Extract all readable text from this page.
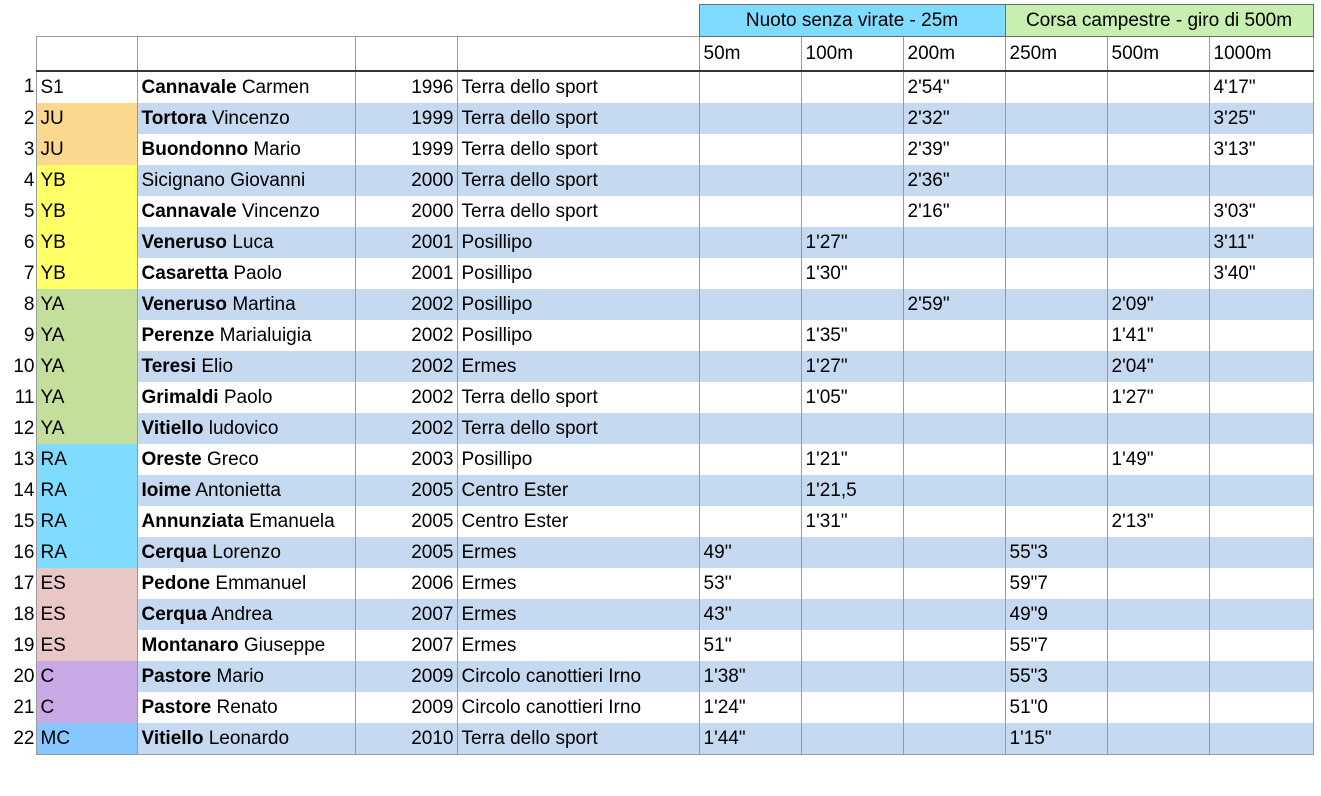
					Nuoto senza virate - 25m			Corsa campestre - giro di 500m		
					50m	100m	200m	250m	500m	1000m
1	S1	Cannavale Carmen	1996	Terra dello sport			2'54"			4'17"
2	JU	Tortora Vincenzo	1999	Terra dello sport			2'32"			3'25"
3	JU	Buondonno Mario	1999	Terra dello sport			2'39"			3'13"
4	YB	Sicignano Giovanni	2000	Terra dello sport			2'36"			
5	YB	Cannavale Vincenzo	2000	Terra dello sport			2'16"			3'03"
6	YB	Veneruso Luca	2001	Posillipo		1'27"				3'11"
7	YB	Casaretta Paolo	2001	Posillipo		1'30"				3'40"
8	YA	Veneruso Martina	2002	Posillipo			2'59"		2'09"	
9	YA	Perenze Marialuigia	2002	Posillipo		1'35"			1'41"	
10	YA	Teresi Elio	2002	Ermes		1'27"			2'04"	
11	YA	Grimaldi Paolo	2002	Terra dello sport		1'05"			1'27"	
12	YA	Vitiello ludovico	2002	Terra dello sport						
13	RA	Oreste Greco	2003	Posillipo		1'21"			1'49"	
14	RA	Ioime Antonietta	2005	Centro Ester		1'21,5				
15	RA	Annunziata Emanuela	2005	Centro Ester		1'31"			2'13"	
16	RA	Cerqua Lorenzo	2005	Ermes	49''			55"3		
17	ES	Pedone Emmanuel	2006	Ermes	53''			59"7		
18	ES	Cerqua Andrea	2007	Ermes	43''			49"9		
19	ES	Montanaro Giuseppe	2007	Ermes	51''			55"7		
20	C	Pastore Mario	2009	Circolo canottieri Irno	1'38"			55"3		
21	C	Pastore Renato	2009	Circolo canottieri Irno	1'24"			51"0		
22	MC	Vitiello Leonardo	2010	Terra dello sport	1'44"			1'15"		
